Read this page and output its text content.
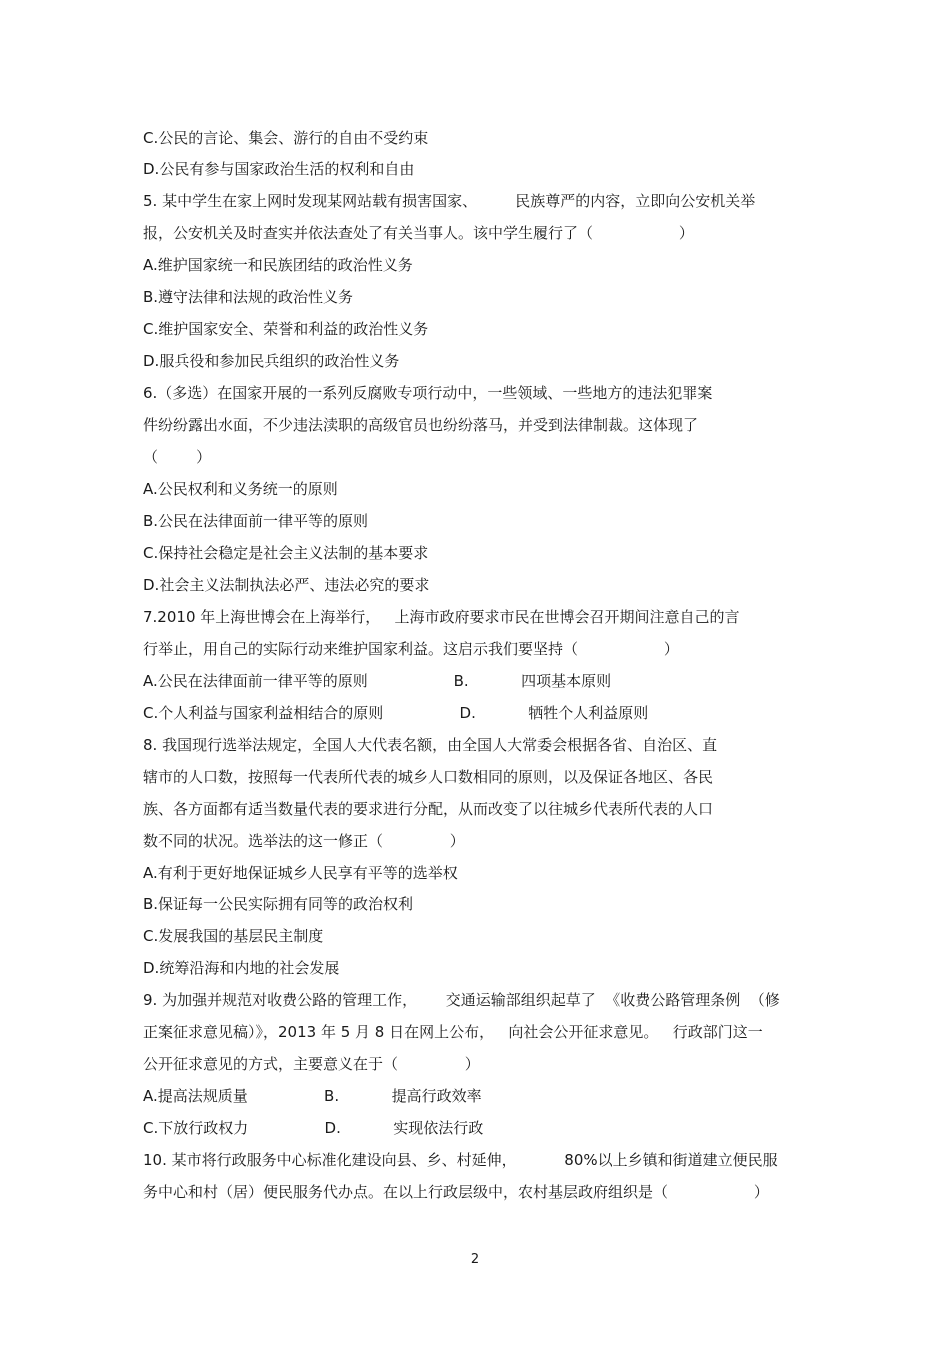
C.公民的言论、集会、游行的自由不受约束
D.公民有参与国家政治生活的权利和自由
5. 某中学生在家上网时发现某网站载有损害国家、        民族尊严的内容，立即向公安机关举
报，公安机关及时查实并依法查处了有关当事人。该中学生履行了（                  ）
A.维护国家统一和民族团结的政治性义务
B.遵守法律和法规的政治性义务
C.维护国家安全、荣誉和利益的政治性义务
D.服兵役和参加民兵组织的政治性义务
6.（多选）在国家开展的一系列反腐败专项行动中，一些领域、一些地方的违法犯罪案
件纷纷露出水面，不少违法渎职的高级官员也纷纷落马，并受到法律制裁。这体现了
（        ）
A.公民权利和义务统一的原则
B.公民在法律面前一律平等的原则
C.保持社会稳定是社会主义法制的基本要求
D.社会主义法制执法必严、违法必究的要求
7.2010 年上海世博会在上海举行，   上海市政府要求市民在世博会召开期间注意自己的言
行举止，用自己的实际行动来维护国家利益。这启示我们要坚持（                  ）
A.公民在法律面前一律平等的原则                  B.           四项基本原则
C.个人利益与国家利益相结合的原则                D.           牺牲个人利益原则
8. 我国现行选举法规定，全国人大代表名额，由全国人大常委会根据各省、自治区、直
辖市的人口数，按照每一代表所代表的城乡人口数相同的原则，以及保证各地区、各民
族、各方面都有适当数量代表的要求进行分配，从而改变了以往城乡代表所代表的人口
数不同的状况。选举法的这一修正（              ）
A.有利于更好地保证城乡人民享有平等的选举权
B.保证每一公民实际拥有同等的政治权利
C.发展我国的基层民主制度
D.统筹沿海和内地的社会发展
9. 为加强并规范对收费公路的管理工作，      交通运输部组织起草了  《收费公路管理条例  （修
正案征求意见稿）》，2013 年 5 月 8 日在网上公布，   向社会公开征求意见。   行政部门这一
公开征求意见的方式，主要意义在于（              ）
A.提高法规质量                B.           提高行政效率
C.下放行政权力                D.           实现依法行政
10. 某市将行政服务中心标准化建设向县、乡、村延伸，          80%以上乡镇和街道建立便民服
务中心和村（居）便民服务代办点。在以上行政层级中，农村基层政府组织是（                  ）
2
